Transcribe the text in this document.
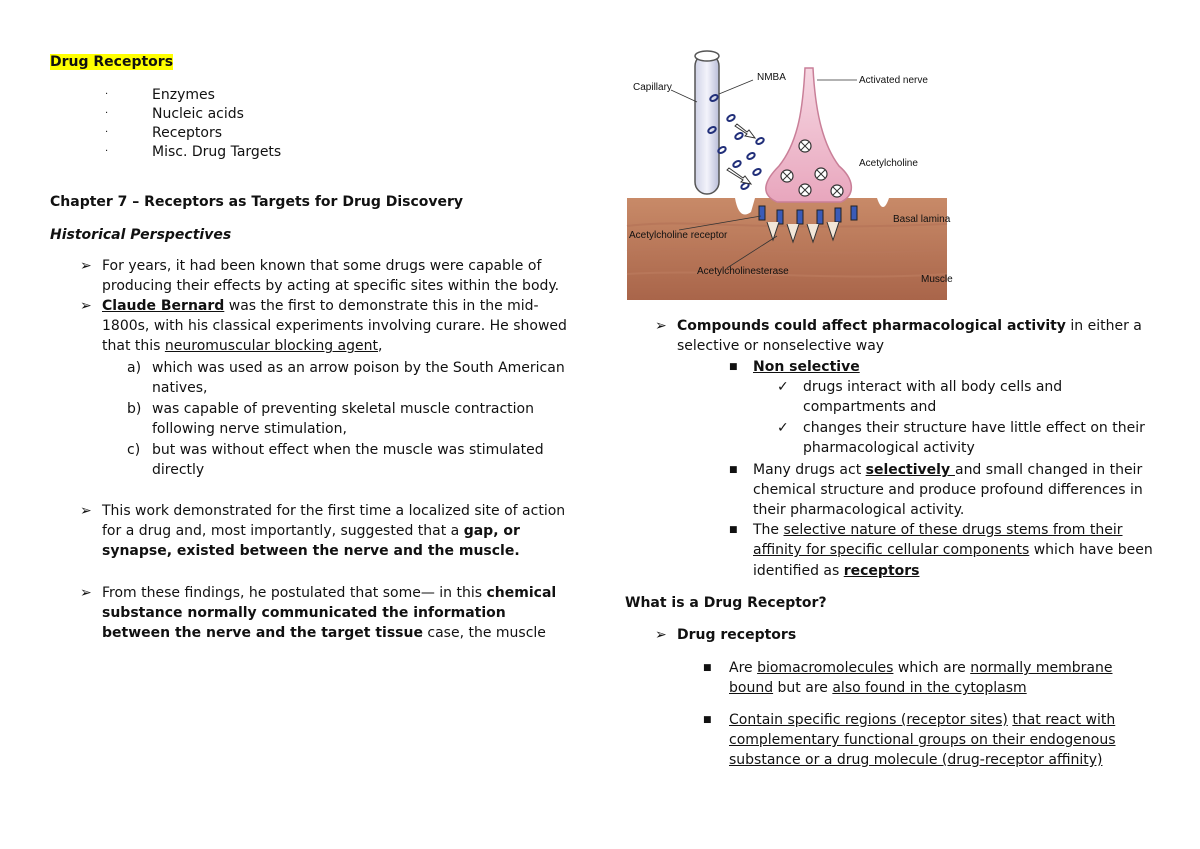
Drug Receptors
·	Enzymes
·	Nucleic acids
·	Receptors
·	Misc. Drug Targets
Chapter 7 – Receptors as Targets for Drug Discovery
Historical Perspectives
➢ For years, it had been known that some drugs were capable of
producing their effects by acting at specific sites within the body.
➢ Claude Bernard was the first to demonstrate this in the mid-
1800s, with his classical experiments involving curare. He showed
that this neuromuscular blocking agent,
a) which was used as an arrow poison by the South American
natives,
b) was capable of preventing skeletal muscle contraction
following nerve stimulation,
c) but was without effect when the muscle was stimulated
directly
➢ This work demonstrated for the first time a localized site of action
for a drug and, most importantly, suggested that a gap, or
synapse, existed between the nerve and the muscle.
➢ From these findings, he postulated that some— in this chemical
substance normally communicated the information
between the nerve and the target tissue case, the muscle
Capillary
NMBA	Activated nerve
Acetylcholine
Basal lamina
Acetylcholine receptor
Acetylcholinesterase
Muscle
➢ Compounds could affect pharmacological activity in either a
selective or nonselective way
■ Non selective
✓ drugs interact with all body cells and
compartments and
✓ changes their structure have little effect on their
pharmacological activity
■ Many drugs act selectively and small changed in their
chemical structure and produce profound differences in
their pharmacological activity.
■ The selective nature of these drugs stems from their
affinity for specific cellular components which have been
identified as receptors
What is a Drug Receptor?
➢ Drug receptors
■ Are biomacromolecules which are normally membrane
bound but are also found in the cytoplasm
■ Contain specific regions (receptor sites) that react with
complementary functional groups on their endogenous
substance or a drug molecule (drug-receptor affinity)
